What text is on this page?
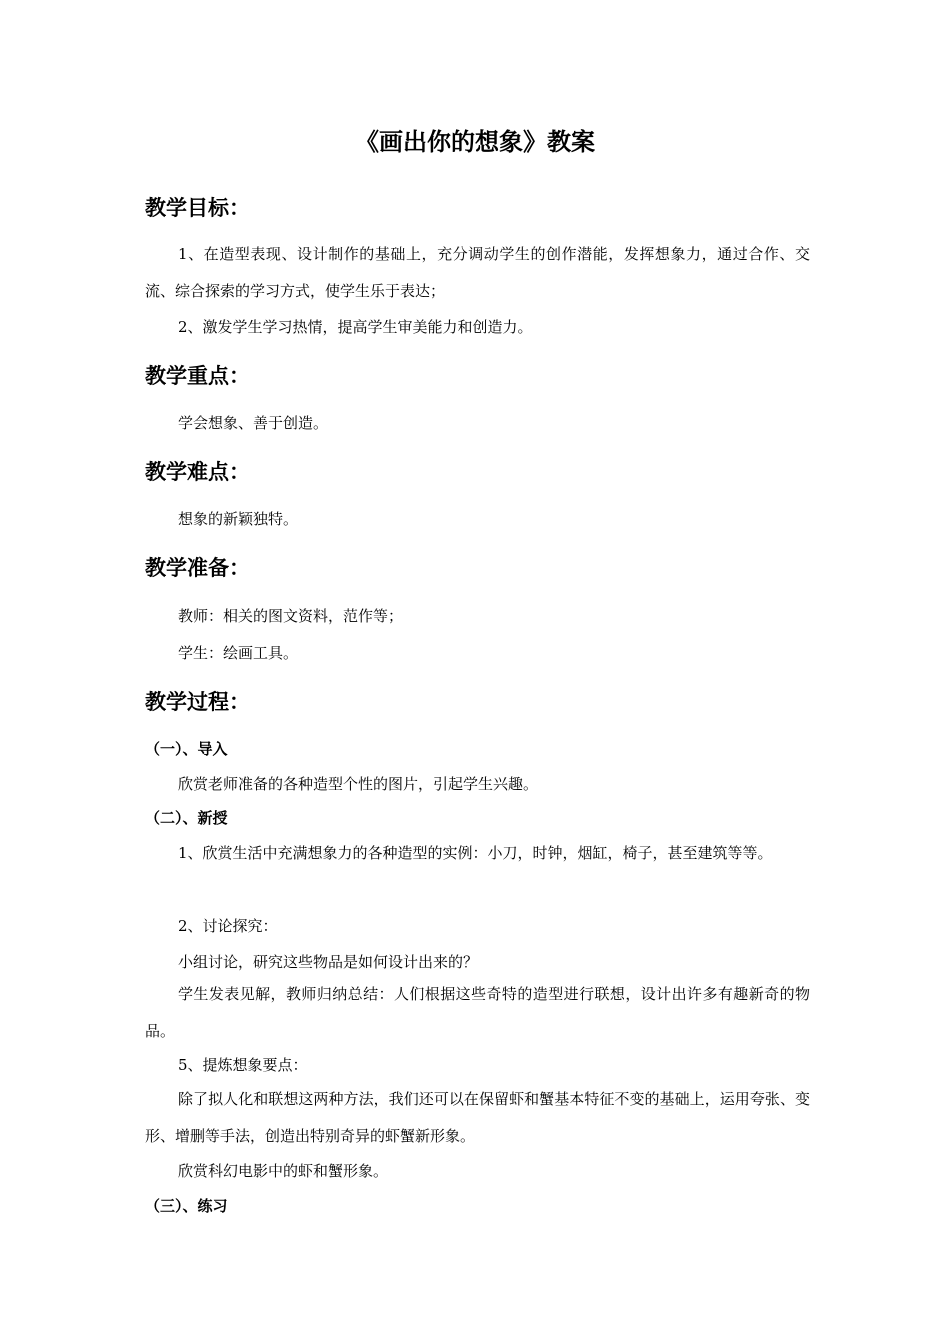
《画出你的想象》教案
教学目标：
1、在造型表现、设计制作的基础上，充分调动学生的创作潜能，发挥想象力，通过合作、交流、综合探索的学习方式，使学生乐于表达；
2、激发学生学习热情，提高学生审美能力和创造力。
教学重点：
学会想象、善于创造。
教学难点：
想象的新颖独特。
教学准备：
教师：相关的图文资料，范作等；
学生：绘画工具。
教学过程：
（一）、导入
欣赏老师准备的各种造型个性的图片，引起学生兴趣。
（二）、新授
1、欣赏生活中充满想象力的各种造型的实例：小刀，时钟，烟缸，椅子，甚至建筑等等。
2、讨论探究：
小组讨论，研究这些物品是如何设计出来的？
学生发表见解，教师归纳总结：人们根据这些奇特的造型进行联想，设计出许多有趣新奇的物品。
5、提炼想象要点：
除了拟人化和联想这两种方法，我们还可以在保留虾和蟹基本特征不变的基础上，运用夸张、变形、增删等手法，创造出特别奇异的虾蟹新形象。
欣赏科幻电影中的虾和蟹形象。
（三）、练习
